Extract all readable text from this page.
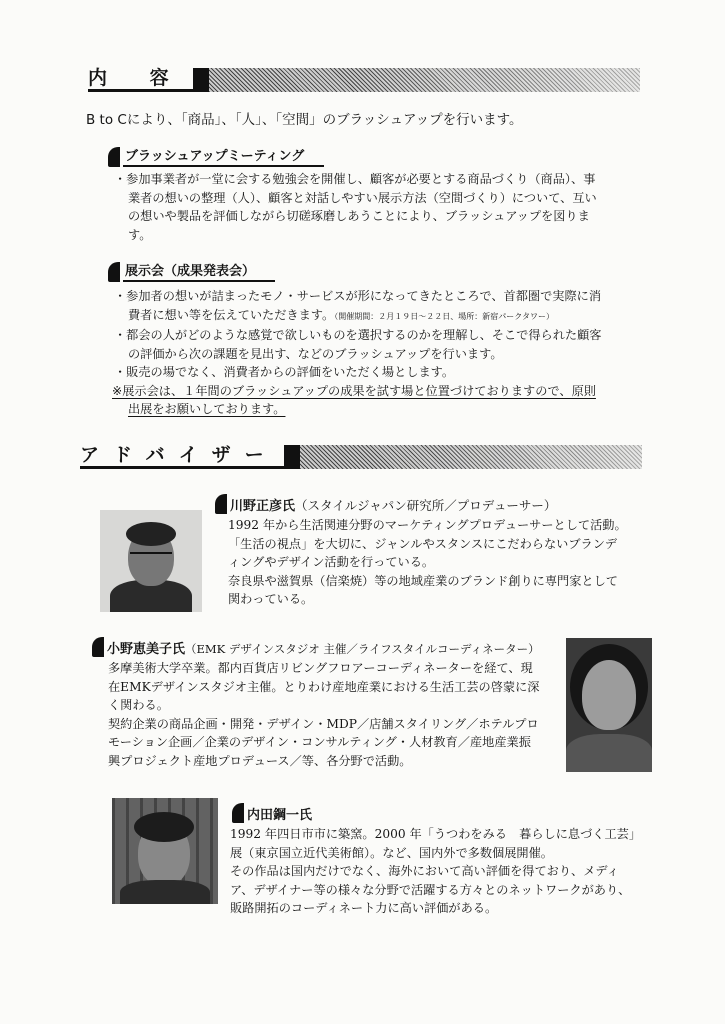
内 容
B to Cにより、「商品」、「人」、「空間」のブラッシュアップを行います。
ブラッシュアップミーティング
・参加事業者が一堂に会する勉強会を開催し、顧客が必要とする商品づくり（商品）、事
業者の想いの整理（人）、顧客と対話しやすい展示方法（空間づくり）について、互い
の想いや製品を評価しながら切磋琢磨しあうことにより、ブラッシュアップを図りま
す。
展示会（成果発表会）
・参加者の想いが詰まったモノ・サービスが形になってきたところで、首都圏で実際に消
費者に想い等を伝えていただきます。（開催期間：２月１９日〜２２日、場所：新宿パークタワー）
・都会の人がどのような感覚で欲しいものを選択するのかを理解し、そこで得られた顧客
の評価から次の課題を見出す、などのブラッシュアップを行います。
・販売の場でなく、消費者からの評価をいただく場とします。
※展示会は、１年間のブラッシュアップの成果を試す場と位置づけておりますので、原則
出展をお願いしております。
アドバイザー
川野正彦氏 （スタイルジャパン研究所／プロデューサー）

1992 年から生活関連分野のマーケティングプロデューサーとして活動。

「生活の視点」を大切に、ジャンルやスタンスにこだわらないブランデ

ィングやデザイン活動を行っている。

奈良県や滋賀県（信楽焼）等の地域産業のブランド創りに専門家として

関わっている。

小野恵美子氏 （EMK デザインスタジオ 主催／ライフスタイルコーディネーター）

多摩美術大学卒業。都内百貨店リビングフロアーコーディネーターを経て、現

在EMKデザインスタジオ主催。とりわけ産地産業における生活工芸の啓蒙に深

く関わる。

契約企業の商品企画・開発・デザイン・MDP／店舗スタイリング／ホテルプロ

モーション企画／企業のデザイン・コンサルティング・人材教育／産地産業振

興プロジェクト産地プロデュース／等、各分野で活動。

内田鋼一氏

1992 年四日市市に築窯。2000 年「うつわをみる　暮らしに息づく工芸」

展（東京国立近代美術館）。など、国内外で多数個展開催。

その作品は国内だけでなく、海外において高い評価を得ており、メディ

ア、デザイナー等の様々な分野で活躍する方々とのネットワークがあり、

販路開拓のコーディネート力に高い評価がある。
